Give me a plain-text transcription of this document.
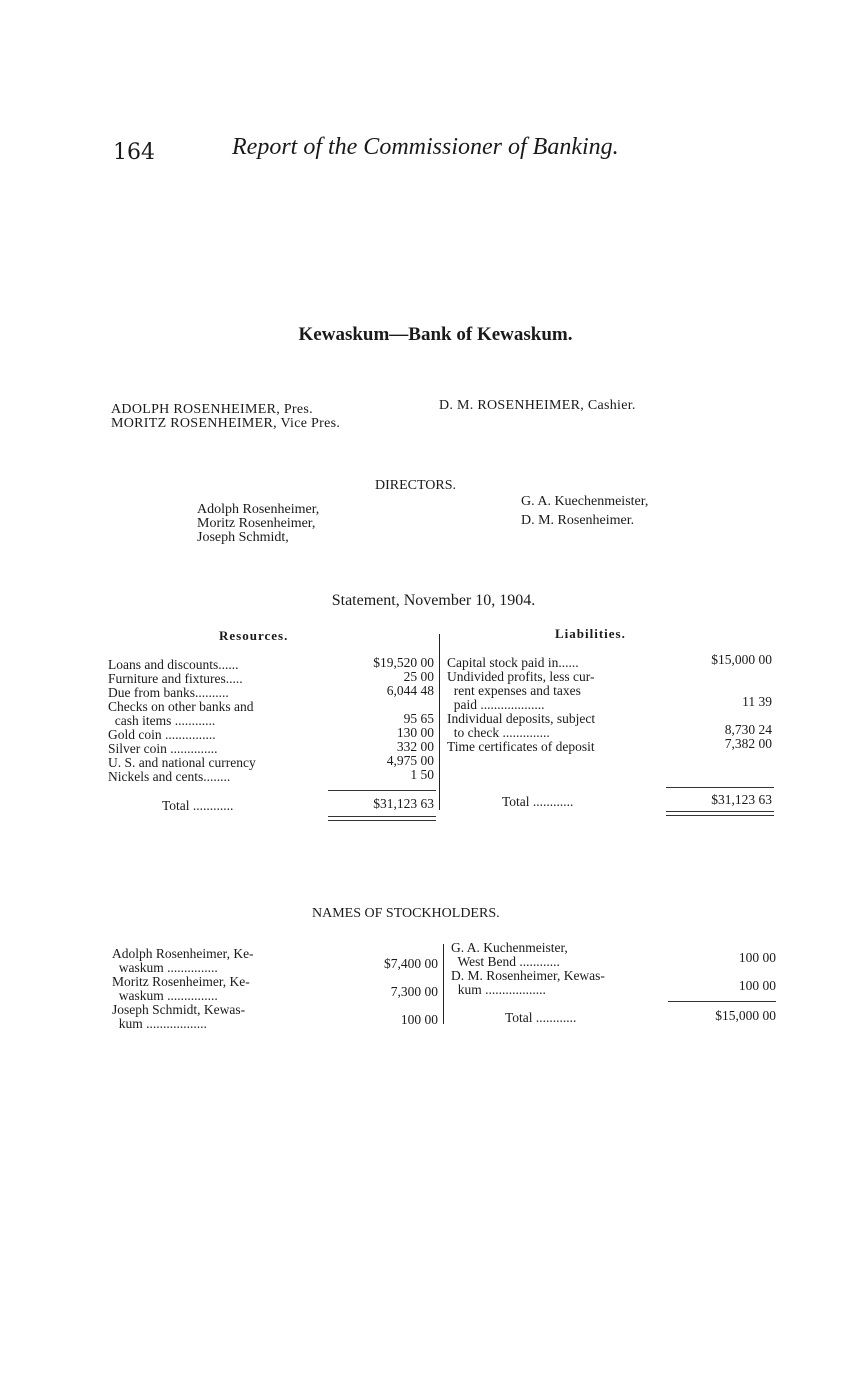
164	Report of the Commissioner of Banking.
Kewaskum—Bank of Kewaskum.
ADOLPH ROSENHEIMER, Pres.
MORITZ ROSENHEIMER, Vice Pres.
D. M. ROSENHEIMER, Cashier.
DIRECTORS.
Adolph Rosenheimer,
Moritz Rosenheimer,
Joseph Schmidt,
G. A. Kuechenmeister,
D. M. Rosenheimer.
Statement, November 10, 1904.
Resources.	Liabilities.
Loans and discounts......	$19,520 00
Furniture and fixtures.....	25 00
Due from banks..........	6,044 48
Checks on other banks and
cash items ............	95 65
Gold coin ...............	130 00
Silver coin ..............	332 00
U. S. and national currency	4,975 00
Nickels and cents........	1 50
Total ............	$31,123 63
Capital stock paid in......	$15,000 00
Undivided profits, less cur-
rent expenses and taxes
paid ...................	11 39
Individual deposits, subject
to check ..............	8,730 24
Time certificates of deposit	7,382 00
Total ............	$31,123 63
NAMES OF STOCKHOLDERS.
Adolph Rosenheimer, Ke-
waskum ...............	$7,400 00
Moritz Rosenheimer, Ke-
waskum ...............	7,300 00
Joseph Schmidt, Kewas-
kum ..................	100 00
G. A. Kuchenmeister,
West Bend ............	100 00
D. M. Rosenheimer, Kewas-
kum ..................	100 00
Total ............	$15,000 00
